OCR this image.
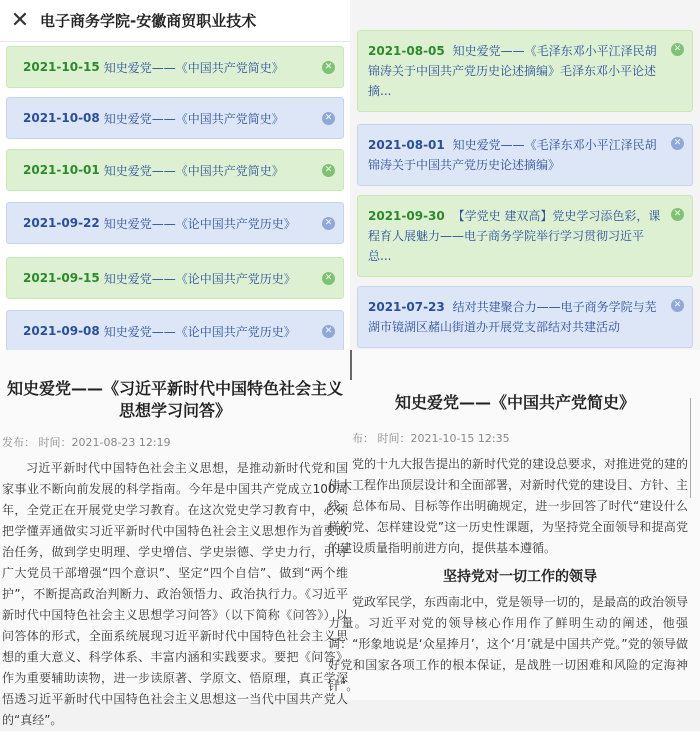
✕ 电子商务学院-安徽商贸职业技术
2021-10-15 知史爱党——《中国共产党简史》	✕
2021-10-08 知史爱党——《中国共产党简史》	✕
2021-10-01 知史爱党——《中国共产党简史》	✕
2021-09-22 知史爱党——《论中国共产党历史》	✕
2021-09-15 知史爱党——《论中国共产党历史》	✕
2021-09-08 知史爱党——《论中国共产党历史》	✕
2021-08-05 知史爱党——《毛泽东邓小平江泽民胡锦涛关于中国共产党历史论述摘编》毛泽东邓小平论述摘...
✕
2021-08-01 知史爱党——《毛泽东邓小平江泽民胡锦涛关于中国共产党历史论述摘编》
✕
2021-09-30 【学党史 建双高】党史学习添色彩，课程育人展魅力——电子商务学院举行学习贯彻习近平总...
✕
2021-07-23 结对共建聚合力——电子商务学院与芜湖市镜湖区赭山街道办开展党支部结对共建活动
✕
知史爱党——《习近平新时代中国特色社会主义思想学习问答》
发布： 时间：2021-08-23 12:19
习近平新时代中国特色社会主义思想，是推动新时代党和国家事业不断向前发展的科学指南。今年是中国共产党成立100周年，全党正在开展党史学习教育。在这次党史学习教育中，必须把学懂弄通做实习近平新时代中国特色社会主义思想作为首要政治任务，做到学史明理、学史增信、学史崇德、学史力行，引导广大党员干部增强“四个意识”、坚定“四个自信”、做到“两个维护”，不断提高政治判断力、政治领悟力、政治执行力。《习近平新时代中国特色社会主义思想学习问答》（以下简称《问答》）以问答体的形式，全面系统展现习近平新时代中国特色社会主义思想的重大意义、科学体系、丰富内涵和实践要求。要把《问答》作为重要辅助读物，进一步读原著、学原文、悟原理，真正学深悟透习近平新时代中国特色社会主义思想这一当代中国共产党人的“真经”。
知史爱党——《中国共产党简史》
布： 时间：2021-10-15 12:35
党的十九大报告提出的新时代党的建设总要求，对推进党的建的伟大工程作出顶层设计和全面部署，对新时代党的建设目、方针、主线、总体布局、目标等作出明确规定，进一步回答了时代“建设什么样的党、怎样建设党”这一历史性课题，为坚持党全面领导和提高党的建设质量指明前进方向，提供基本遵循。
坚持党对一切工作的领导
党政军民学，东西南北中，党是领导一切的，是最高的政治领导力量。习近平对党的领导核心作用作了鲜明生动的阐述，他强调：“形象地说是‘众星捧月’，这个‘月’就是中国共产党。”党的领导做好党和国家各项工作的根本保证，是战胜一切困难和风险的定海神针”。
